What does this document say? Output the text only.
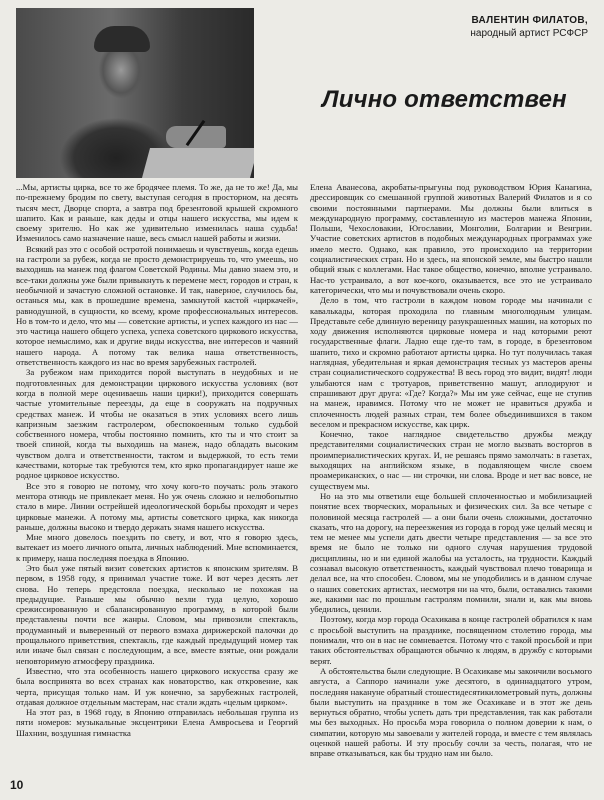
ВАЛЕНТИН ФИЛАТОВ,
народный артист РСФСР
Лично ответствен

...Мы, артисты цирка, все то же бродячее племя. То же, да не то же! Да, мы по-прежнему бродим по свету, выступая сегодня в просторном, на десять тысяч мест, Дворце спорта, а завтра под брезентовой крышей скромного шапито. Как и раньше, как деды и отцы нашего искусства, мы идем к своему зрителю. Но как же удивительно изменилась наша судьба! Изменилось само назначение наше, весь смысл нашей работы и жизни.

Всякий раз это с особой остротой понимаешь и чувствуешь, когда едешь на гастроли за рубеж, когда не просто демонстрируешь то, что умеешь, но выходишь на манеж под флагом Советской Родины. Мы давно знаем это, и все-таки должны уже были привыкнуть к перемене мест, городов и стран, к необычной и зачастую сложной остановке. И так, наверное, случилось бы, останься мы, как в прошедшие времена, замкнутой кастой «циркачей», равнодушной, в сущности, ко всему, кроме профессиональных интересов. Но в том-то и дело, что мы — советские артисты, и успех каждого из нас — это частица нашего общего успеха, успеха советского циркового искусства, которое немыслимо, как и другие виды искусства, вне интересов и чаяний нашего народа. А потому так велика наша ответственность, ответственность каждого из нас во время зарубежных гастролей.

За рубежом нам приходится порой выступать в неудобных и не подготовленных для демонстрации циркового искусства условиях (вот когда в полной мере оцениваешь наши цирки!), приходится совершать частые утомительные переезды, да еще в сооружать на подручных средствах манеж. И чтобы не оказаться в этих условиях всего лишь капризным заезжим гастролером, обеспокоенным только судьбой собственного номера, чтобы постоянно помнить, кто ты и что стоит за твоей спиной, когда ты выходишь на манеж, надо обладать высоким чувством долга и ответственности, тактом и выдержкой, то есть теми качествами, которые так требуются тем, кто ярко пропагандирует наше же родное цирковое искусство.

Все это я говорю не потому, что хочу кого-то поучать: роль этакого ментора отнюдь не привлекает меня. Но уж очень сложно и нелюбопытно стало в мире. Линии острейшей идеологической борьбы проходят и через цирковые манежи. А потому мы, артисты советского цирка, как никогда раньше, должны высоко и твердо держать знамя нашего искусства.

Мне много довелось поездить по свету, и вот, что я говорю здесь, вытекает из моего личного опыта, личных наблюдений. Мне вспоминается, к примеру, наша последняя поездка в Японию.

Это был уже пятый визит советских артистов к японским зрителям. В первом, в 1958 году, я принимал участие тоже. И вот через десять лет снова. Но теперь предстояла поездка, несколько не похожая на предыдущие. Раньше мы обычно везли туда целую, хорошо срежиссированную и сбалансированную программу, в которой были представлены почти все жанры. Словом, мы привозили спектакль, продуманный и выверенный от первого взмаха дирижерской палочки до прощального приветствия, спектакль, где каждый предыдущий номер так или иначе был связан с последующим, а все, вместе взятые, они рождали неповторимую атмосферу праздника.

Известно, что эта особенность нашего циркового искусства сразу же была воспринята во всех странах как новаторство, как откровение, как черта, присущая только нам. И уж конечно, за зарубежных гастролей, отдавая должное отдельным мастерам, нас стали ждать «целым цирком».

На этот раз, в 1968 году, в Японию отправилась небольшая группа из пяти номеров: музыкальные эксцентрики Елена Амвросьева и Георгий Шахнин, воздушная гимнастка

Елена Аванесова, акробаты-прыгуны под руководством Юрия Канагина, дрессировщик со смешанной группой животных Валерий Филатов и я со своими постоянными партнерами. Мы должны были влиться в международную программу, составленную из мастеров манежа Японии, Польши, Чехословакии, Югославии, Монголии, Болгарии и Венгрии. Участие советских артистов в подобных международных программах уже имело место. Однако, как правило, это происходило на территории социалистических стран. Но и здесь, на японской земле, мы быстро нашли общий язык с коллегами. Нас такое общество, конечно, вполне устраивало. Нас-то устраивало, а вот кое-кого, оказывается, все это не устраивало категорически, что мы и почувствовали очень скоро.

Дело в том, что гастроли в каждом новом городе мы начинали с кавалькады, которая проходила по главным многолюдным улицам. Представьте себе длинную вереницу разукрашенных машин, на которых по ходу движения исполняются цирковые номера и над которыми реют государственные флаги. Ладно еще где-то там, в городе, в брезентовом шапито, тихо и скромно работают артисты цирка. Но тут получилась такая наглядная, убедительная и яркая демонстрация тесных уз мастеров арены стран социалистического содружества! В весь город это видит, видят! люди улыбаются нам с тротуаров, приветственно машут, аплодируют и спрашивают друг друга: «Где? Когда?» Мы им уже сейчас, еще не ступив на манеж, нравимся. Потому что не может не нравиться дружба и сплоченность людей разных стран, тем более объединившихся в таком веселом и прекрасном искусстве, как цирк.

Конечно, такое наглядное свидетельство дружбы между представителями социалистических стран не могло вызвать восторгов в проимпериалистических кругах. И, не решаясь прямо замолчать: в газетах, выходящих на английском языке, в подавляющем числе своем проамериканских, о нас — ни строчки, ни слова. Вроде и нет вас вовсе, не существуем мы.

Но на это мы ответили еще большей сплоченностью и мобилизацией понятие всех творческих, моральных и физических сил. За все четыре с половиной месяца гастролей — а они были очень сложными, достаточно сказать, что на дорогу, на переезжения из города в город уже целый месяц и тем не менее мы успели дать двести четыре представления — за все это время не было не только ни одного случая нарушения трудовой дисциплины, но и ни единой жалобы на усталость, на трудности. Каждый сознавал высокую ответственность, каждый чувствовал плечо товарища и делал все, на что способен. Словом, мы не уподобились и в данном случае о наших советских артистах, несмотря ни на что, были, оставались такими же, какими нас по прошлым гастролям помнили, знали и, как мы вновь убедились, ценили.

Поэтому, когда мэр города Осахикава в конце гастролей обратился к нам с просьбой выступить на празднике, посвященном столетию города, мы понимали, что он в нас не сомневается. Потому что с такой просьбой и при таких обстоятельствах обращаются обычно к людям, в дружбу с которыми верят.

А обстоятельства были следующие. В Осахикаве мы закончили восьмого августа, а Саппоро начинали уже десятого, в одиннадцатого утром, последняя накануне обратный стошестидесятикилометровый путь, должны были выступить на празднике в том же Осахикаве и в этот же день вернуться обратно, чтобы успеть дать три представления, так как работали мы без выходных. Но просьба мэра говорила о полном доверии к нам, о симпатии, которую мы завоевали у жителей города, и вместе с тем являлась оценкой нашей работы. И эту просьбу сочли за честь, полагая, что не вправе отказываться, как бы трудно нам ни было.

10
